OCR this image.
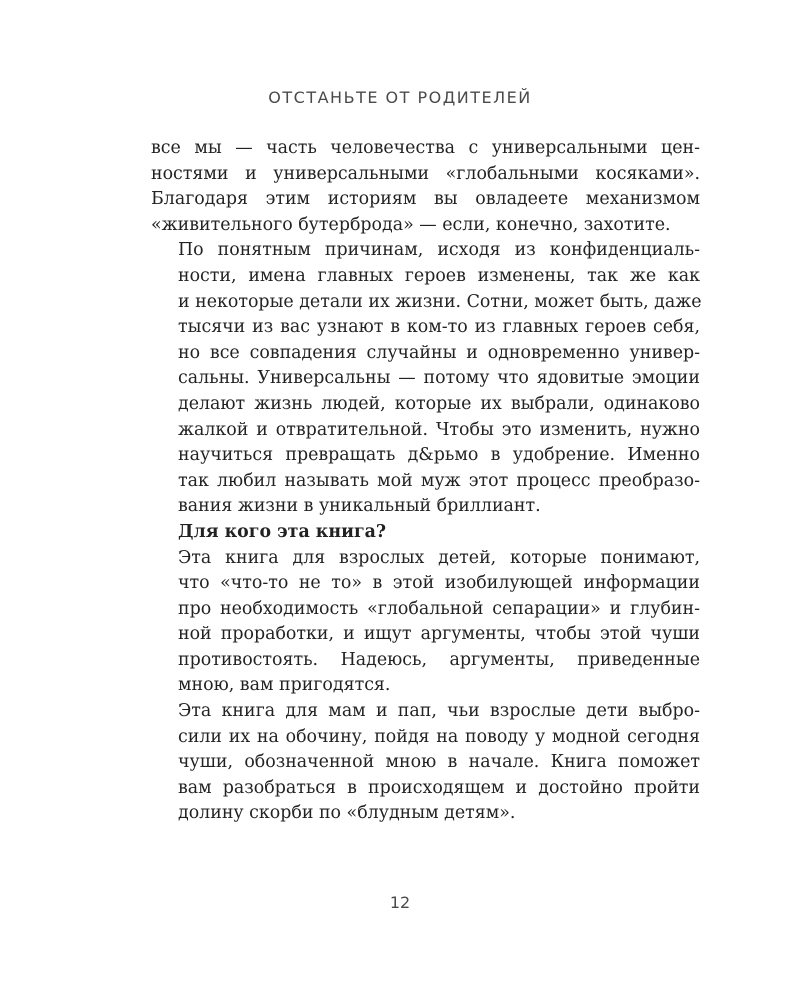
ОТСТАНЬТЕ ОТ РОДИТЕЛЕЙ

все мы — часть человечества с универсальными цен-
ностями и универсальными «глобальными косяками».
Благодаря этим историям вы овладеете механизмом
«живительного бутерброда» — если, конечно, захотите.

По понятным причинам, исходя из конфиденциаль-
ности, имена главных героев изменены, так же как
и некоторые детали их жизни. Сотни, может быть, даже
тысячи из вас узнают в ком-то из главных героев себя,
но все совпадения случайны и одновременно универ-
сальны. Универсальны — потому что ядовитые эмоции
делают жизнь людей, которые их выбрали, одинаково
жалкой и отвратительной. Чтобы это изменить, нужно
научиться превращать д&рьмо в удобрение. Именно
так любил называть мой муж этот процесс преобразо-
вания жизни в уникальный бриллиант.

Для кого эта книга?

Эта книга для взрослых детей, которые понимают,
что «что-то не то» в этой изобилующей информации
про необходимость «глобальной сепарации» и глубин-
ной проработки, и ищут аргументы, чтобы этой чуши
противостоять. Надеюсь, аргументы, приведенные
мною, вам пригодятся.

Эта книга для мам и пап, чьи взрослые дети выбро-
сили их на обочину, пойдя на поводу у модной сегодня
чуши, обозначенной мною в начале. Книга поможет
вам разобраться в происходящем и достойно пройти
долину скорби по «блудным детям».

12
